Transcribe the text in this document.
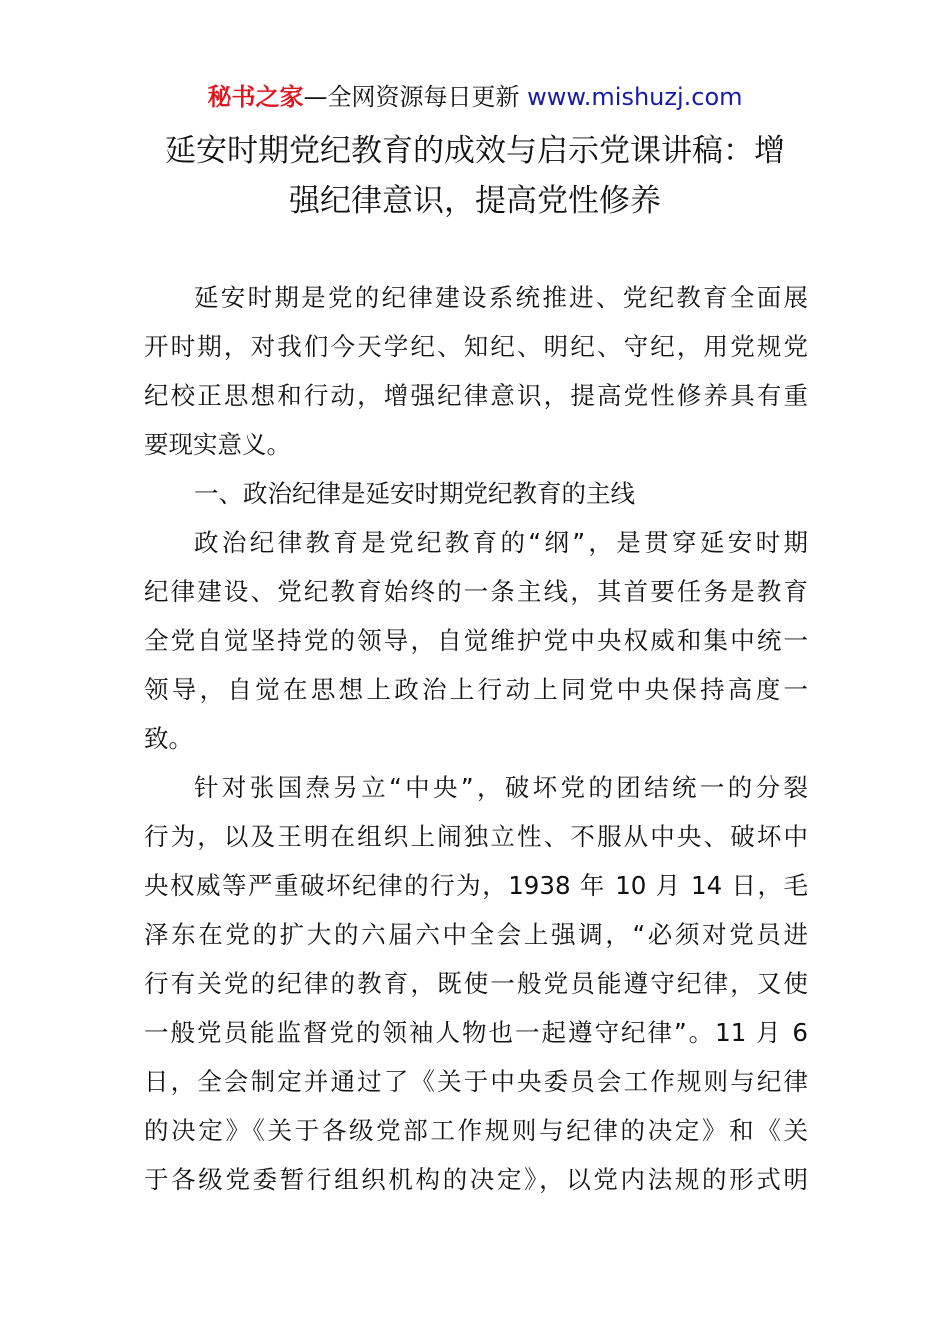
秘书之家—全网资源每日更新 www.mishuzj.com
延安时期党纪教育的成效与启示党课讲稿：增
强纪律意识，提高党性修养
延安时期是党的纪律建设系统推进、党纪教育全面展
开时期，对我们今天学纪、知纪、明纪、守纪，用党规党
纪校正思想和行动，增强纪律意识，提高党性修养具有重
要现实意义。
一、政治纪律是延安时期党纪教育的主线
政治纪律教育是党纪教育的“纲”，是贯穿延安时期
纪律建设、党纪教育始终的一条主线，其首要任务是教育
全党自觉坚持党的领导，自觉维护党中央权威和集中统一
领导，自觉在思想上政治上行动上同党中央保持高度一
致。
针对张国焘另立“中央”，破坏党的团结统一的分裂
行为，以及王明在组织上闹独立性、不服从中央、破坏中
央权威等严重破坏纪律的行为，1938 年 10 月 14 日，毛
泽东在党的扩大的六届六中全会上强调，“必须对党员进
行有关党的纪律的教育，既使一般党员能遵守纪律，又使
一般党员能监督党的领袖人物也一起遵守纪律”。11 月 6
日，全会制定并通过了《关于中央委员会工作规则与纪律
的决定》《关于各级党部工作规则与纪律的决定》和《关
于各级党委暂行组织机构的决定》，以党内法规的形式明
